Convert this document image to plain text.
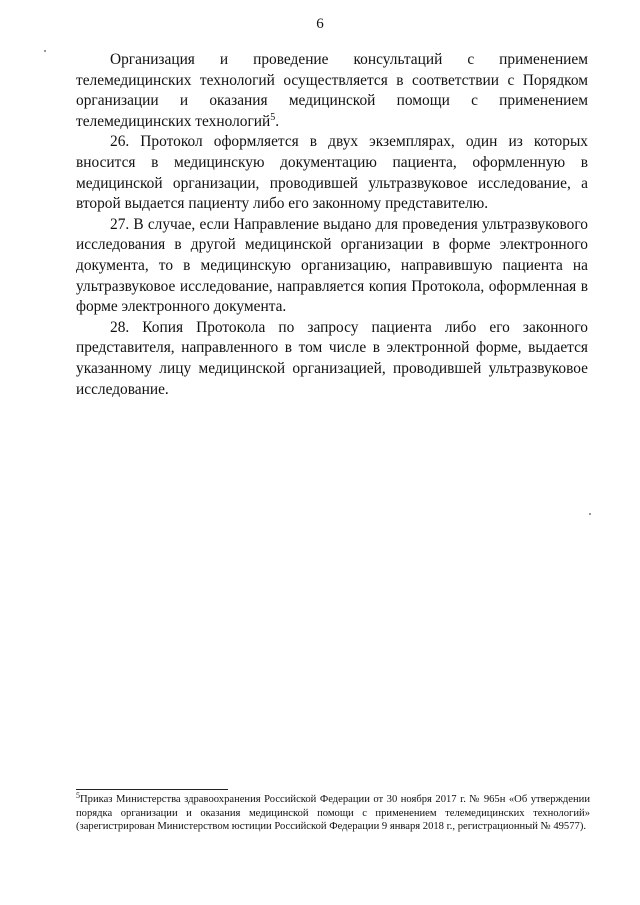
6

Организация и проведение консультаций с применением телемедицинских технологий осуществляется в соответствии с Порядком организации и оказания медицинской помощи с применением телемедицинских технологий$^5$.

26. Протокол оформляется в двух экземплярах, один из которых вносится в медицинскую документацию пациента, оформленную в медицинской организации, проводившей ультразвуковое исследование, а второй выдается пациенту либо его законному представителю.

27. В случае, если Направление выдано для проведения ультразвукового исследования в другой медицинской организации в форме электронного документа, то в медицинскую организацию, направившую пациента на ультразвуковое исследование, направляется копия Протокола, оформленная в форме электронного документа.

28. Копия Протокола по запросу пациента либо его законного представителя, направленного в том числе в электронной форме, выдается указанному лицу медицинской организацией, проводившей ультразвуковое исследование.

$^5$Приказ Министерства здравоохранения Российской Федерации от 30 ноября 2017 г. № 965н «Об утверждении порядка организации и оказания медицинской помощи с применением телемедицинских технологий» (зарегистрирован Министерством юстиции Российской Федерации 9 января 2018 г., регистрационный № 49577).
